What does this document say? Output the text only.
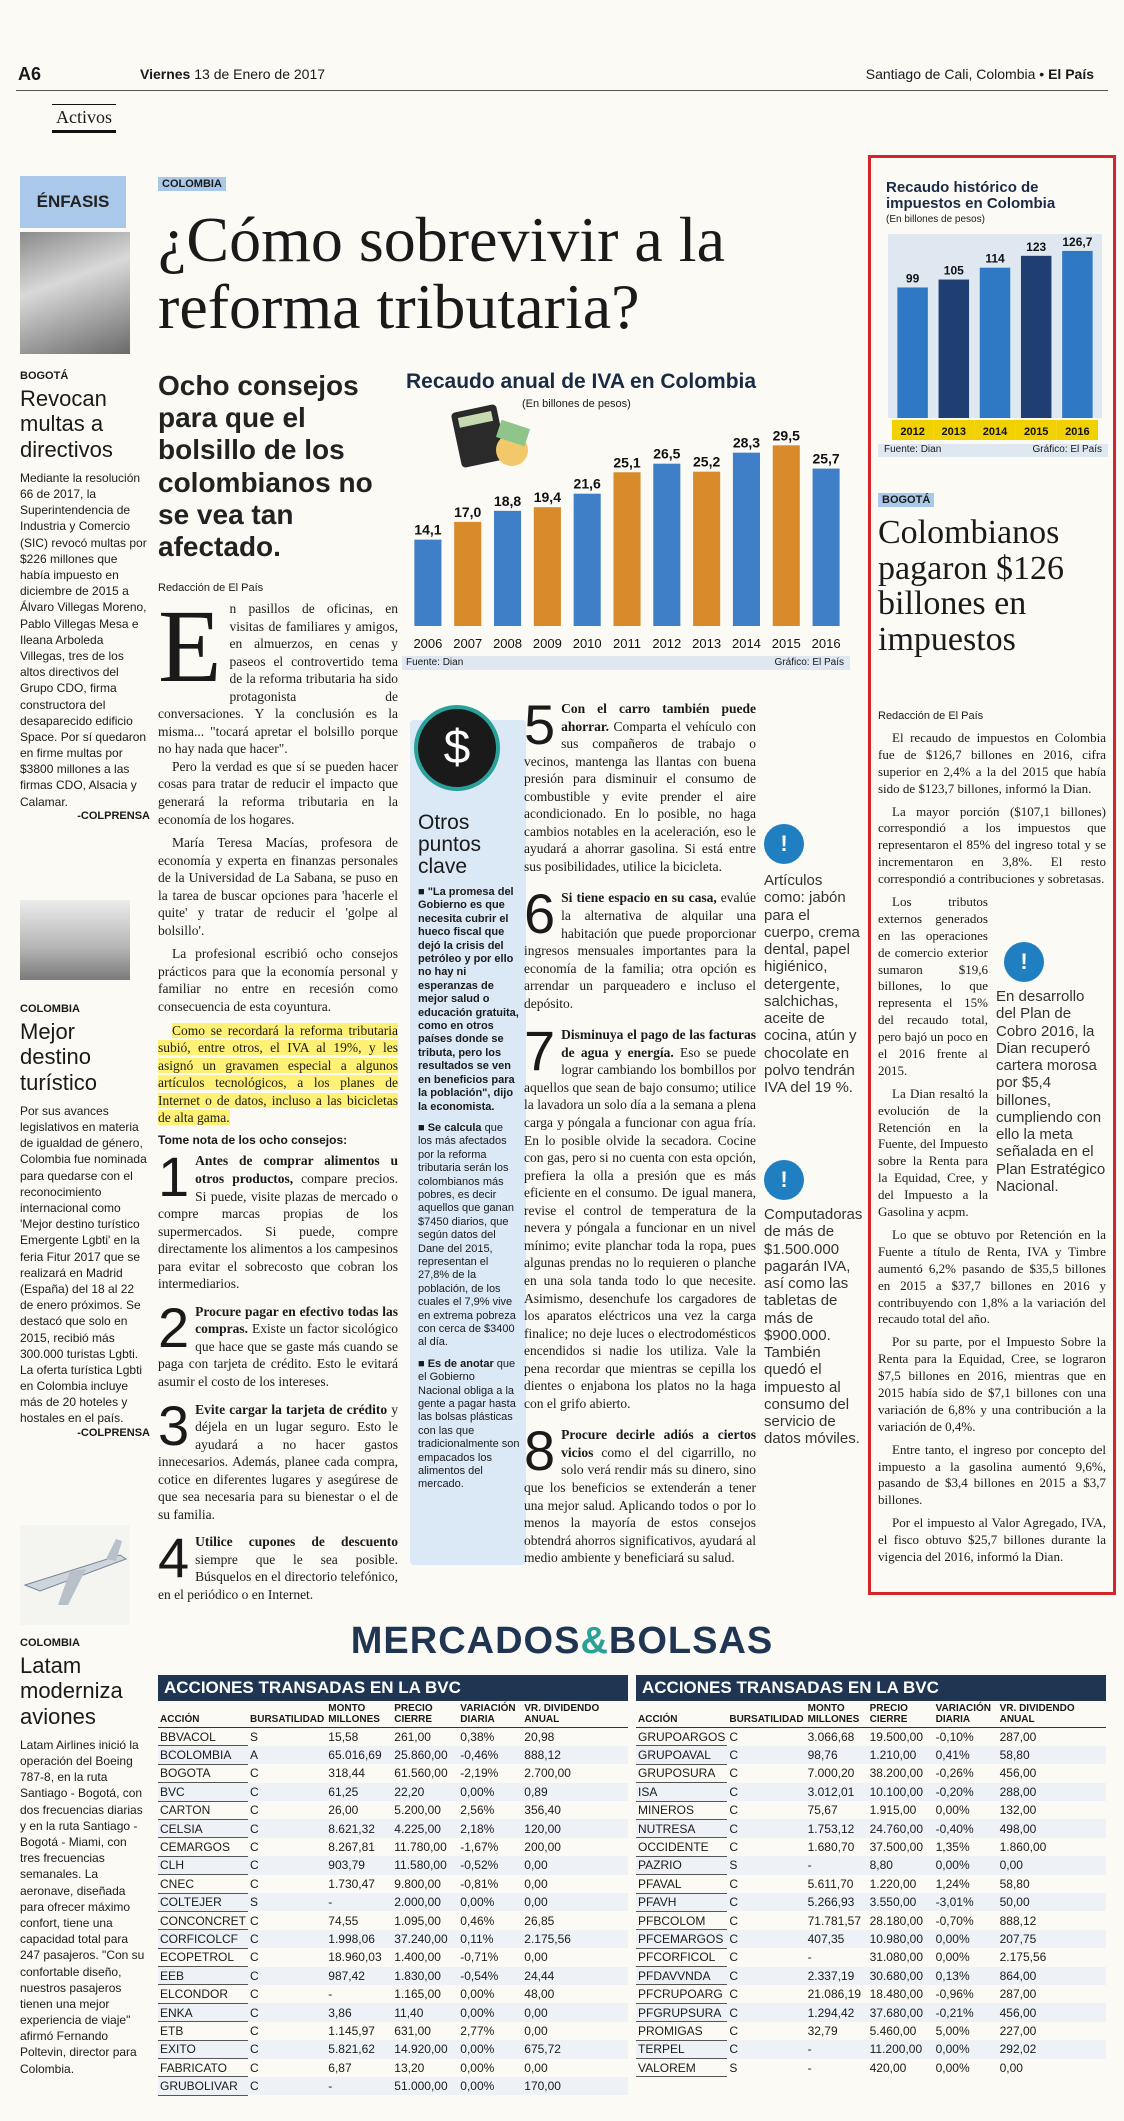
A6	Viernes 13 de Enero de 2017	Santiago de Cali, Colombia • El País
Activos
ÉNFASIS
BOGOTÁ
Revocan multas a directivos
Mediante la resolución 66 de 2017, la Superintendencia de Industria y Comercio (SIC) revocó multas por $226 millones que había impuesto en diciembre de 2015 a Álvaro Villegas Moreno, Pablo Villegas Mesa e Ileana Arboleda Villegas, tres de los altos directivos del Grupo CDO, firma constructora del desaparecido edificio Space. Por sí quedaron en firme multas por $3800 millones a las firmas CDO, Alsacia y Calamar.
-COLPRENSA
COLOMBIA
Mejor destino turístico
Por sus avances legislativos en materia de igualdad de género, Colombia fue nominada para quedarse con el reconocimiento internacional como 'Mejor destino turístico Emergente Lgbti' en la feria Fitur 2017 que se realizará en Madrid (España) del 18 al 22 de enero próximos. Se destacó que solo en 2015, recibió más 300.000 turistas Lgbti. La oferta turística Lgbti en Colombia incluye más de 20 hoteles y hostales en el país.
-COLPRENSA
COLOMBIA
Latam moderniza aviones
Latam Airlines inició la operación del Boeing 787-8, en la ruta Santiago - Bogotá, con dos frecuencias diarias y en la ruta Santiago - Bogotá - Miami, con tres frecuencias semanales. La aeronave, diseñada para ofrecer máximo confort, tiene una capacidad total para 247 pasajeros. "Con su confortable diseño, nuestros pasajeros tienen una mejor experiencia de viaje" afirmó Fernando Poltevin, director para Colombia.
COLOMBIA
¿Cómo sobrevivir a la reforma tributaria?
Ocho consejos para que el bolsillo de los colombianos no se vea tan afectado.
Recaudo anual de IVA en Colombia
(En billones de pesos)
14,1
2006
17,0
2007
18,8
2008
19,4
2009
21,6
2010
25,1
2011
26,5
2012
25,2
2013
28,3
2014
29,5
2015
25,7
2016
Fuente: Dian	Gráfico: El País
Redacción de El País
E n pasillos de oficinas, en visitas de familiares y amigos, en almuerzos, en cenas y paseos el controvertido tema de la reforma tributaria ha sido protagonista de conversaciones. Y la conclusión es la misma... "tocará apretar el bolsillo porque no hay nada que hacer".

Pero la verdad es que sí se pueden hacer cosas para tratar de reducir el impacto que generará la reforma tributaria en la economía de los hogares.

María Teresa Macías, profesora de economía y experta en finanzas personales de la Universidad de La Sabana, se puso en la tarea de buscar opciones para 'hacerle el quite' y tratar de reducir el 'golpe al bolsillo'.

La profesional escribió ocho consejos prácticos para que la economía personal y familiar no entre en recesión como consecuencia de esta coyuntura.

Como se recordará la reforma tributaria subió, entre otros, el IVA al 19%, y les asignó un gravamen especial a algunos artículos tecnológicos, a los planes de Internet o de datos, incluso a las bicicletas de alta gama.

Tome nota de los ocho consejos:
1 Antes de comprar alimentos u otros productos, compare precios. Si puede, visite plazas de mercado o compre marcas propias de los supermercados. Si puede, compre directamente los alimentos a los campesinos para evitar el sobrecosto que cobran los intermediarios.
2 Procure pagar en efectivo todas las compras. Existe un factor sicológico que hace que se gaste más cuando se paga con tarjeta de crédito. Esto le evitará asumir el costo de los intereses.
3 Evite cargar la tarjeta de crédito y déjela en un lugar seguro. Esto le ayudará a no hacer gastos innecesarios. Además, planee cada compra, cotice en diferentes lugares y asegúrese de que sea necesaria para su bienestar o el de su familia.
4 Utilice cupones de descuento siempre que le sea posible. Búsquelos en el directorio telefónico, en el periódico o en Internet.
Otros puntos clave

■ "La promesa del Gobierno es que necesita cubrir el hueco fiscal que dejó la crisis del petróleo y por ello no hay ni esperanzas de mejor salud o educación gratuita, como en otros países donde se tributa, pero los resultados se ven en beneficios para la población", dijo la economista.

■ Se calcula que los más afectados por la reforma tributaria serán los colombianos más pobres, es decir aquellos que ganan $7450 diarios, que según datos del Dane del 2015, representan el 27,8% de la población, de los cuales el 7,9% vive en extrema pobreza con cerca de $3400 al día.

■ Es de anotar que el Gobierno Nacional obliga a la gente a pagar hasta las bolsas plásticas con las que tradicionalmente son empacados los alimentos del mercado.

$ 5 Con el carro también puede ahorrar. Comparta el vehículo con sus compañeros de trabajo o vecinos, mantenga las llantas con buena presión para disminuir el consumo de combustible y evite prender el aire acondicionado. En lo posible, no haga cambios notables en la aceleración, eso le ayudará a ahorrar gasolina. Si está entre sus posibilidades, utilice la bicicleta.
6 Si tiene espacio en su casa, evalúe la alternativa de alquilar una habitación que puede proporcionar ingresos mensuales importantes para la economía de la familia; otra opción es arrendar un parqueadero e incluso el depósito.
7 Disminuya el pago de las facturas de agua y energía. Eso se puede lograr cambiando los bombillos por aquellos que sean de bajo consumo; utilice la lavadora un solo día a la semana a plena carga y póngala a funcionar con agua fría. En lo posible olvide la secadora. Cocine con gas, pero si no cuenta con esta opción, prefiera la olla a presión que es más eficiente en el consumo. De igual manera, revise el control de temperatura de la nevera y póngala a funcionar en un nivel mínimo; evite planchar toda la ropa, pues algunas prendas no lo requieren o planche en una sola tanda todo lo que necesite. Asimismo, desenchufe los cargadores de los aparatos eléctricos una vez la carga finalice; no deje luces o electrodomésticos encendidos si nadie los utiliza. Vale la pena recordar que mientras se cepilla los dientes o enjabona los platos no la haga con el grifo abierto.
8 Procure decirle adiós a ciertos vicios como el del cigarrillo, no solo verá rendir más su dinero, sino que los beneficios se extenderán a tener una mejor salud. Aplicando todos o por lo menos la mayoría de estos consejos obtendrá ahorros significativos, ayudará al medio ambiente y beneficiará su salud.
!
Artículos como: jabón para el cuerpo, crema dental, papel higiénico, detergente, salchichas, aceite de cocina, atún y chocolate en polvo tendrán IVA del 19 %.
!
Computadoras de más de $1.500.000 pagarán IVA, así como las tabletas de más de $900.000. También quedó el impuesto al consumo del servicio de datos móviles.
Recaudo histórico de impuestos en Colombia
(En billones de pesos)
99
2012
105
2013
114
2014
123
2015
126,7
2016
Fuente: Dian	Gráfico: El País
BOGOTÁ
Colombianos pagaron $126 billones en impuestos
Redacción de El País

El recaudo de impuestos en Colombia fue de $126,7 billones en 2016, cifra superior en 2,4% a la del 2015 que había sido de $123,7 billones, informó la Dian.

La mayor porción ($107,1 billones) correspondió a los impuestos que representaron el 85% del ingreso total y se incrementaron en 3,8%. El resto correspondió a contribuciones y sobretasas.

Los tributos externos generados en las operaciones de comercio exterior sumaron $19,6 billones, lo que representa el 15% del recaudo total, pero bajó un poco en el 2016 frente al 2015.

La Dian resaltó la evolución de la Retención en la Fuente, del Impuesto sobre la Renta para la Equidad, Cree, y del Impuesto a la Gasolina y acpm.

Lo que se obtuvo por Retención en la Fuente a título de Renta, IVA y Timbre aumentó 6,2% pasando de $35,5 billones en 2015 a $37,7 billones en 2016 y contribuyendo con 1,8% a la variación del recaudo total del año.

Por su parte, por el Impuesto Sobre la Renta para la Equidad, Cree, se lograron $7,5 billones en 2016, mientras que en 2015 había sido de $7,1 billones con una variación de 6,8% y una contribución a la variación de 0,4%.

Entre tanto, el ingreso por concepto del impuesto a la gasolina aumentó 9,6%, pasando de $3,4 billones en 2015 a $3,7 billones.

Por el impuesto al Valor Agregado, IVA, el fisco obtuvo $25,7 billones durante la vigencia del 2016, informó la Dian.

!
En desarrollo del Plan de Cobro 2016, la Dian recuperó cartera morosa por $5,4 billones, cumpliendo con ello la meta señalada en el Plan Estratégico Nacional.
MERCADOS&BOLSAS
ACCIONES TRANSADAS EN LA BVC
ACCIÓN	BURSATILIDAD	MONTO MILLONES	PRECIO CIERRE	VARIACIÓN DIARIA	VR. DIVIDENDO ANUAL
BBVACOL	S	15,58	261,00	0,38%	20,98
BCOLOMBIA	A	65.016,69	25.860,00	-0,46%	888,12
BOGOTA	C	318,44	61.560,00	-2,19%	2.700,00
BVC	C	61,25	22,20	0,00%	0,89
CARTON	C	26,00	5.200,00	2,56%	356,40
CELSIA	C	8.621,32	4.225,00	2,18%	120,00
CEMARGOS	C	8.267,81	11.780,00	-1,67%	200,00
CLH	C	903,79	11.580,00	-0,52%	0,00
CNEC	C	1.730,47	9.800,00	-0,81%	0,00
COLTEJER	S	-	2.000,00	0,00%	0,00
CONCONCRET	C	74,55	1.095,00	0,46%	26,85
CORFICOLCF	C	1.998,06	37.240,00	0,11%	2.175,56
ECOPETROL	C	18.960,03	1.400,00	-0,71%	0,00
EEB	C	987,42	1.830,00	-0,54%	24,44
ELCONDOR	C	-	1.165,00	0,00%	48,00
ENKA	C	3,86	11,40	0,00%	0,00
ETB	C	1.145,97	631,00	2,77%	0,00
EXITO	C	5.821,62	14.920,00	0,00%	675,72
FABRICATO	C	6,87	13,20	0,00%	0,00
GRUBOLIVAR	C	-	51.000,00	0,00%	170,00
ACCIONES TRANSADAS EN LA BVC
ACCIÓN	BURSATILIDAD	MONTO MILLONES	PRECIO CIERRE	VARIACIÓN DIARIA	VR. DIVIDENDO ANUAL
GRUPOARGOS	C	3.066,68	19.500,00	-0,10%	287,00
GRUPOAVAL	C	98,76	1.210,00	0,41%	58,80
GRUPOSURA	C	7.000,20	38.200,00	-0,26%	456,00
ISA	C	3.012,01	10.100,00	-0,20%	288,00
MINEROS	C	75,67	1.915,00	0,00%	132,00
NUTRESA	C	1.753,12	24.760,00	-0,40%	498,00
OCCIDENTE	C	1.680,70	37.500,00	1,35%	1.860,00
PAZRIO	S	-	8,80	0,00%	0,00
PFAVAL	C	5.611,70	1.220,00	1,24%	58,80
PFAVH	C	5.266,93	3.550,00	-3,01%	50,00
PFBCOLOM	C	71.781,57	28.180,00	-0,70%	888,12
PFCEMARGOS	C	407,35	10.980,00	0,00%	207,75
PFCORFICOL	C	-	31.080,00	0,00%	2.175,56
PFDAVVNDA	C	2.337,19	30.680,00	0,13%	864,00
PFCRUPOARG	C	21.086,19	18.480,00	-0,96%	287,00
PFGRUPSURA	C	1.294,42	37.680,00	-0,21%	456,00
PROMIGAS	C	32,79	5.460,00	5,00%	227,00
TERPEL	C	-	11.200,00	0,00%	292,02
VALOREM	S	-	420,00	0,00%	0,00
